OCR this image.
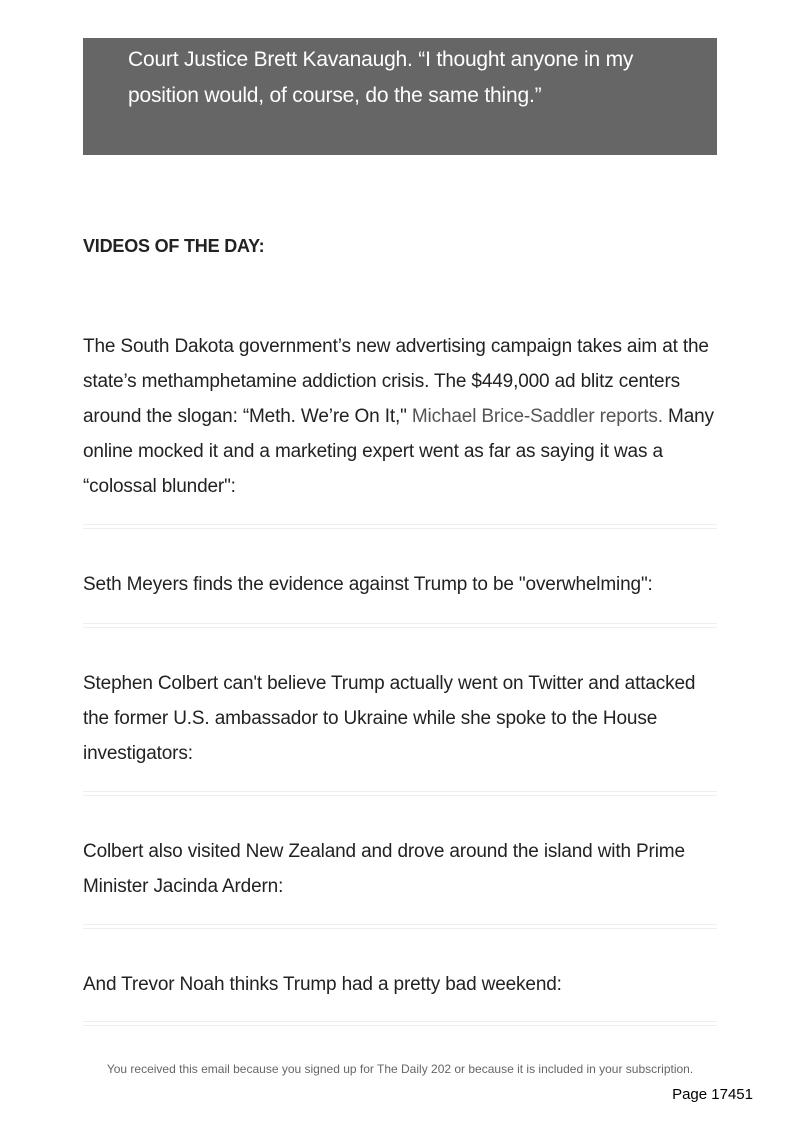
Court Justice Brett Kavanaugh. “I thought anyone in my position would, of course, do the same thing.”

VIDEOS OF THE DAY:

The South Dakota government’s new advertising campaign takes aim at the state’s methamphetamine addiction crisis. The $449,000 ad blitz centers around the slogan: “Meth. We’re On It," Michael Brice-Saddler reports. Many online mocked it and a marketing expert went as far as saying it was a “colossal blunder":

Seth Meyers finds the evidence against Trump to be "overwhelming":

Stephen Colbert can't believe Trump actually went on Twitter and attacked the former U.S. ambassador to Ukraine while she spoke to the House investigators:

Colbert also visited New Zealand and drove around the island with Prime Minister Jacinda Ardern:

And Trevor Noah thinks Trump had a pretty bad weekend:

You received this email because you signed up for The Daily 202 or because it is included in your subscription.
Page 17451
